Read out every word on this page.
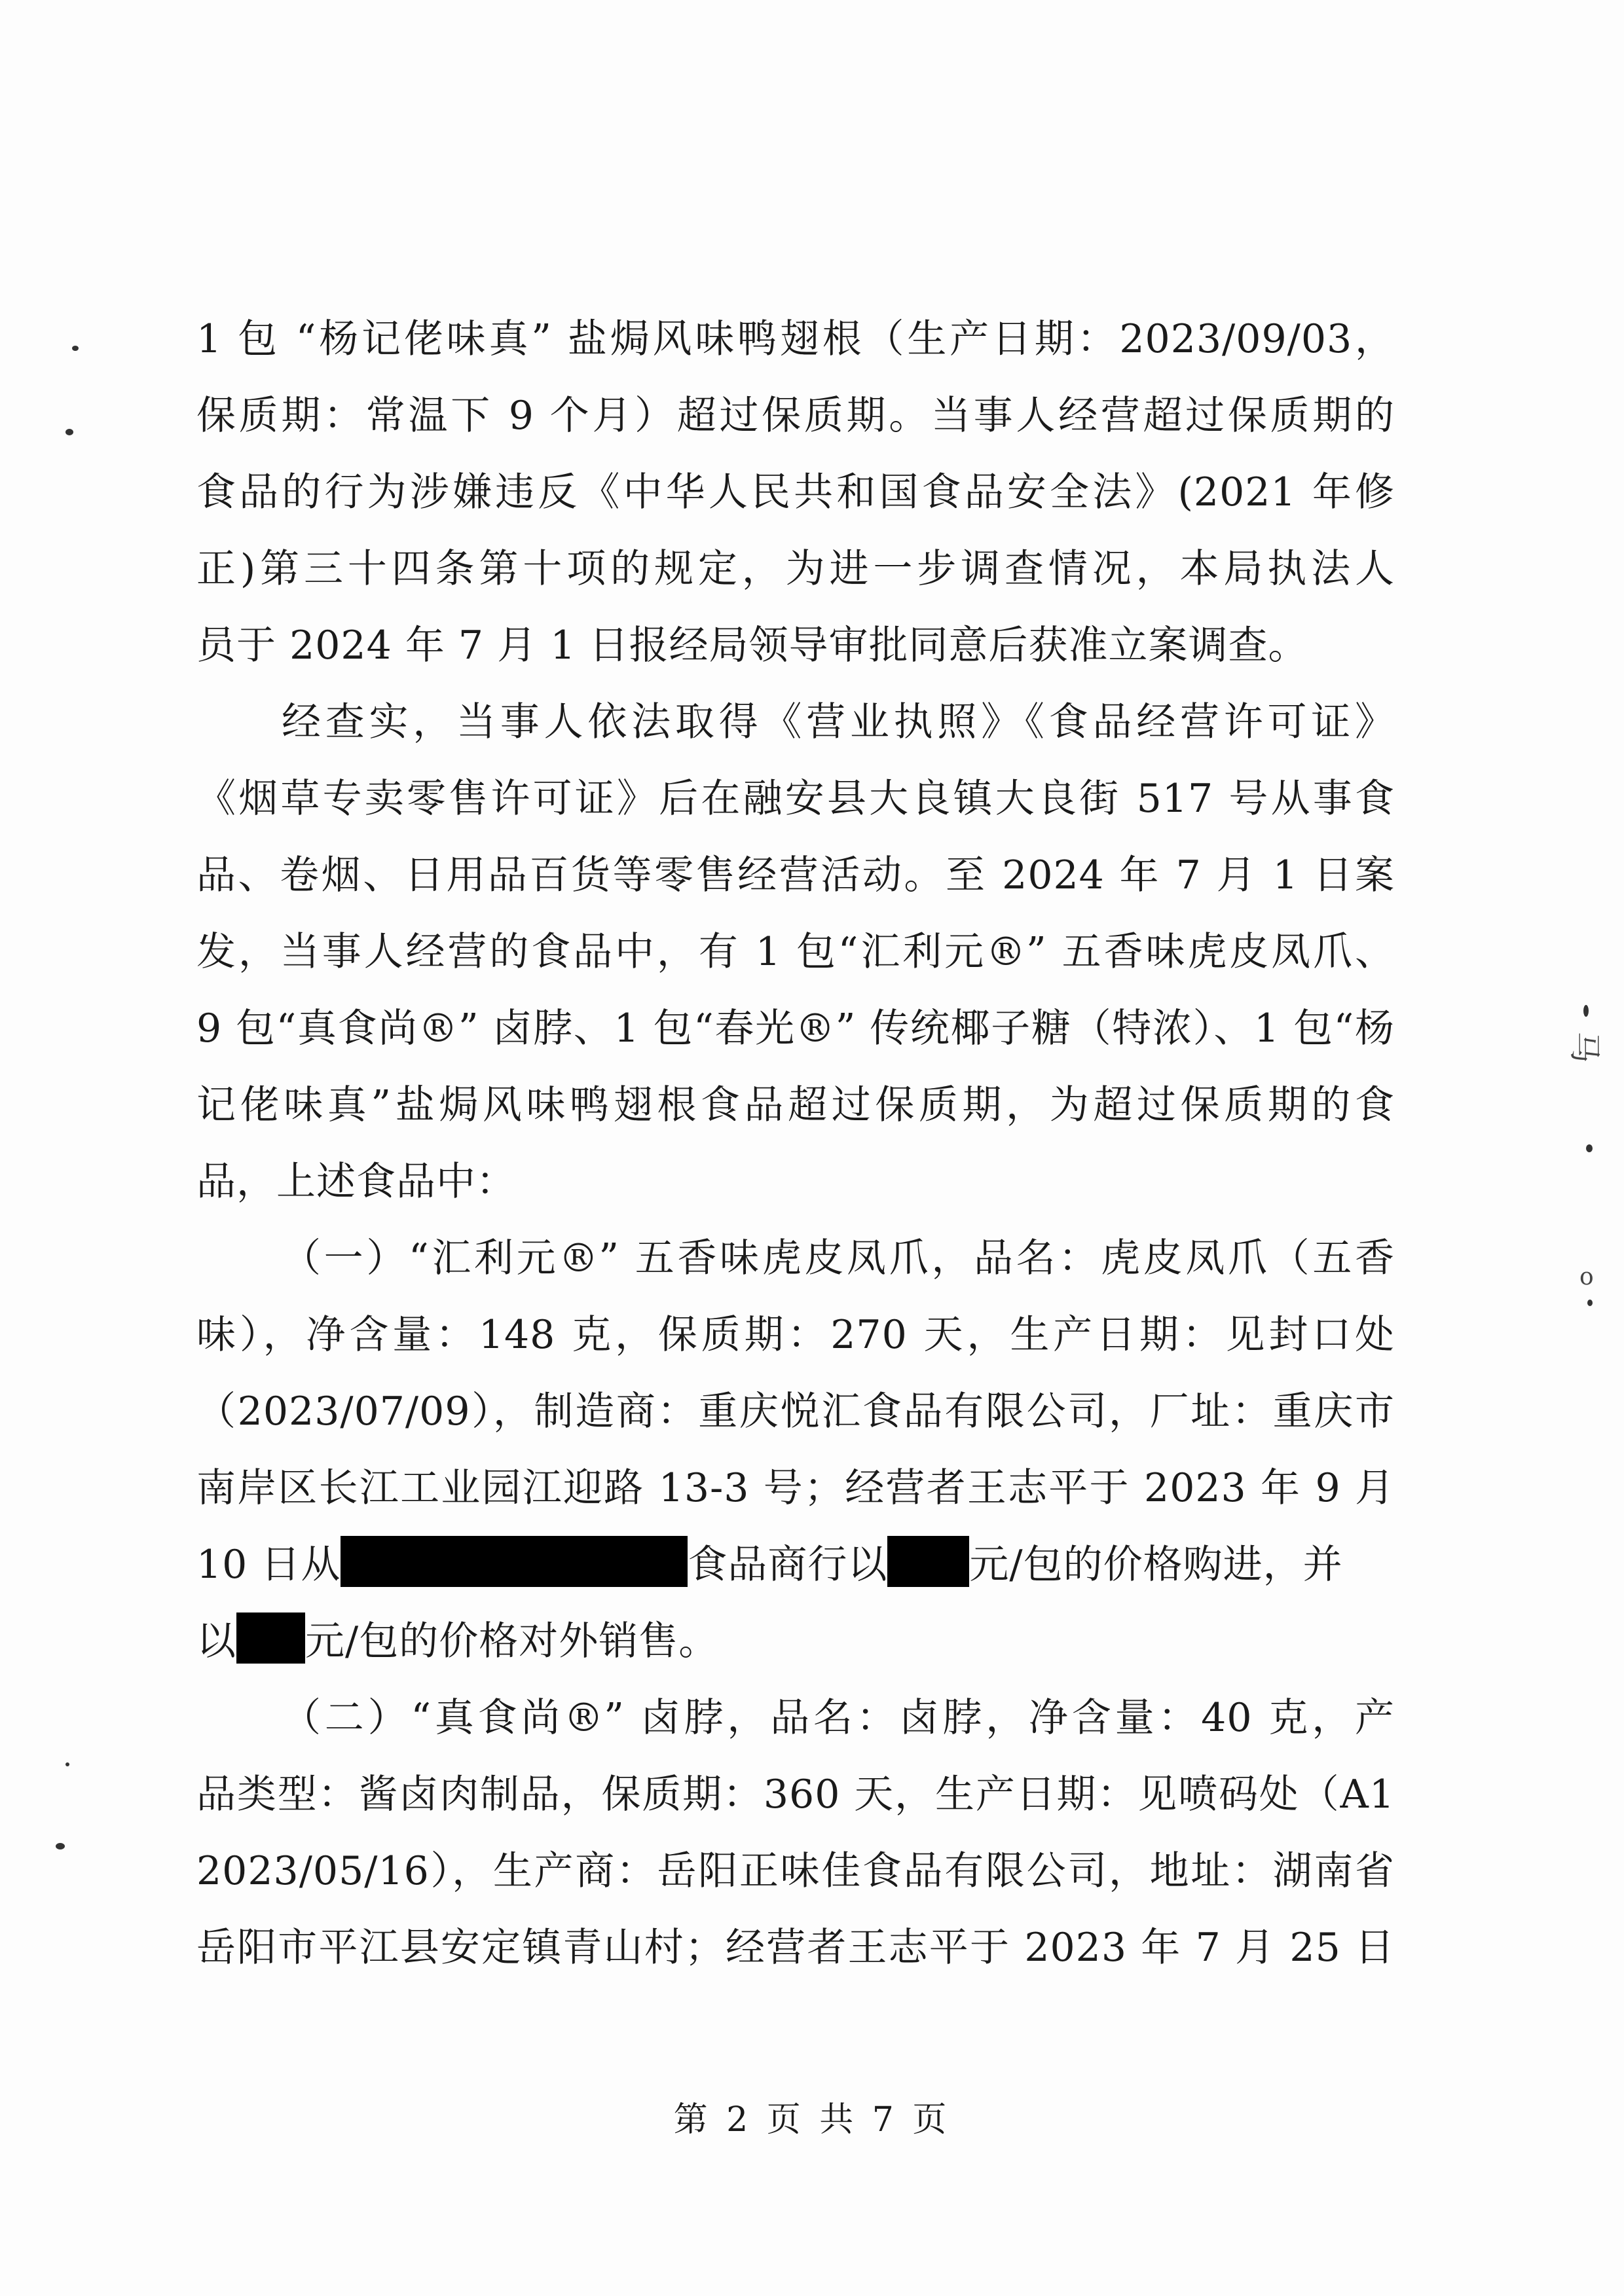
马
o
1 包 “杨记佬味真” 盐焗风味鸭翅根（生产日期：2023/09/03，
保质期：常温下 9 个月）超过保质期。当事人经营超过保质期的
食品的行为涉嫌违反《中华人民共和国食品安全法》(2021 年修
正)第三十四条第十项的规定，为进一步调查情况，本局执法人
员于 2024 年 7 月 1 日报经局领导审批同意后获准立案调查。
经查实，当事人依法取得《营业执照》《食品经营许可证》
《烟草专卖零售许可证》后在融安县大良镇大良街 517 号从事食
品、卷烟、日用品百货等零售经营活动。至 2024 年 7 月 1 日案
发，当事人经营的食品中，有 1 包“汇利元®” 五香味虎皮凤爪、
9 包“真食尚®” 卤脖、1 包“春光®” 传统椰子糖（特浓）、1 包“杨
记佬味真”盐焗风味鸭翅根食品超过保质期，为超过保质期的食
品，上述食品中：
（一）“汇利元®” 五香味虎皮凤爪，品名：虎皮凤爪（五香
味），净含量：148 克，保质期：270 天，生产日期：见封口处
（2023/07/09），制造商：重庆悦汇食品有限公司，厂址：重庆市
南岸区长江工业园江迎路 13-3 号；经营者王志平于 2023 年 9 月
10 日从	食品商行以 元/包的价格购进，并
以 元/包的价格对外销售。
（二）“真食尚®” 卤脖，品名：卤脖，净含量：40 克，产
品类型：酱卤肉制品，保质期：360 天，生产日期：见喷码处（A1
2023/05/16），生产商：岳阳正味佳食品有限公司，地址：湖南省
岳阳市平江县安定镇青山村；经营者王志平于 2023 年 7 月 25 日
第 2 页 共 7 页
